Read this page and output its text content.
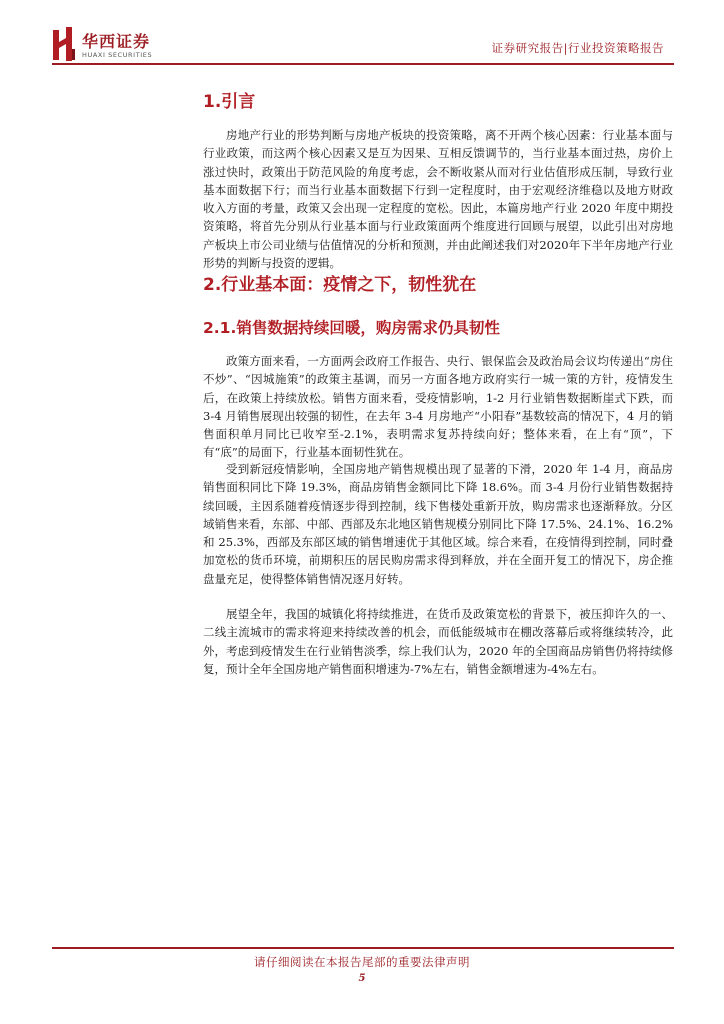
华西证券
HUAXI SECURITIES	证券研究报告|行业投资策略报告
1.引言
房地产行业的形势判断与房地产板块的投资策略，离不开两个核心因素：行业基本面与行业政策，而这两个核心因素又是互为因果、互相反馈调节的，当行业基本面过热，房价上涨过快时，政策出于防范风险的角度考虑，会不断收紧从而对行业估值形成压制，导致行业基本面数据下行；而当行业基本面数据下行到一定程度时，由于宏观经济维稳以及地方财政收入方面的考量，政策又会出现一定程度的宽松。因此，本篇房地产行业 2020 年度中期投资策略，将首先分别从行业基本面与行业政策面两个维度进行回顾与展望，以此引出对房地产板块上市公司业绩与估值情况的分析和预测，并由此阐述我们对2020年下半年房地产行业形势的判断与投资的逻辑。
2.行业基本面：疫情之下，韧性犹在
2.1.销售数据持续回暖，购房需求仍具韧性
政策方面来看，一方面两会政府工作报告、央行、银保监会及政治局会议均传递出“房住不炒”、“因城施策”的政策主基调，而另一方面各地方政府实行一城一策的方针，疫情发生后，在政策上持续放松。销售方面来看，受疫情影响，1-2 月行业销售数据断崖式下跌，而 3-4 月销售展现出较强的韧性，在去年 3-4 月房地产“小阳春”基数较高的情况下，4 月的销售面积单月同比已收窄至-2.1%，表明需求复苏持续向好；整体来看，在上有“顶”，下有“底”的局面下，行业基本面韧性犹在。
受到新冠疫情影响，全国房地产销售规模出现了显著的下滑，2020 年 1-4 月，商品房销售面积同比下降 19.3%，商品房销售金额同比下降 18.6%。而 3-4 月份行业销售数据持续回暖，主因系随着疫情逐步得到控制，线下售楼处重新开放，购房需求也逐渐释放。分区域销售来看，东部、中部、西部及东北地区销售规模分别同比下降 17.5%、24.1%、16.2%和 25.3%，西部及东部区域的销售增速优于其他区域。综合来看，在疫情得到控制，同时叠加宽松的货币环境，前期积压的居民购房需求得到释放，并在全面开复工的情况下，房企推盘量充足，使得整体销售情况逐月好转。
展望全年，我国的城镇化将持续推进，在货币及政策宽松的背景下，被压抑许久的一、二线主流城市的需求将迎来持续改善的机会，而低能级城市在棚改落幕后或将继续转冷，此外，考虑到疫情发生在行业销售淡季，综上我们认为，2020 年的全国商品房销售仍将持续修复，预计全年全国房地产销售面积增速为-7%左右，销售金额增速为-4%左右。
请仔细阅读在本报告尾部的重要法律声明
5
